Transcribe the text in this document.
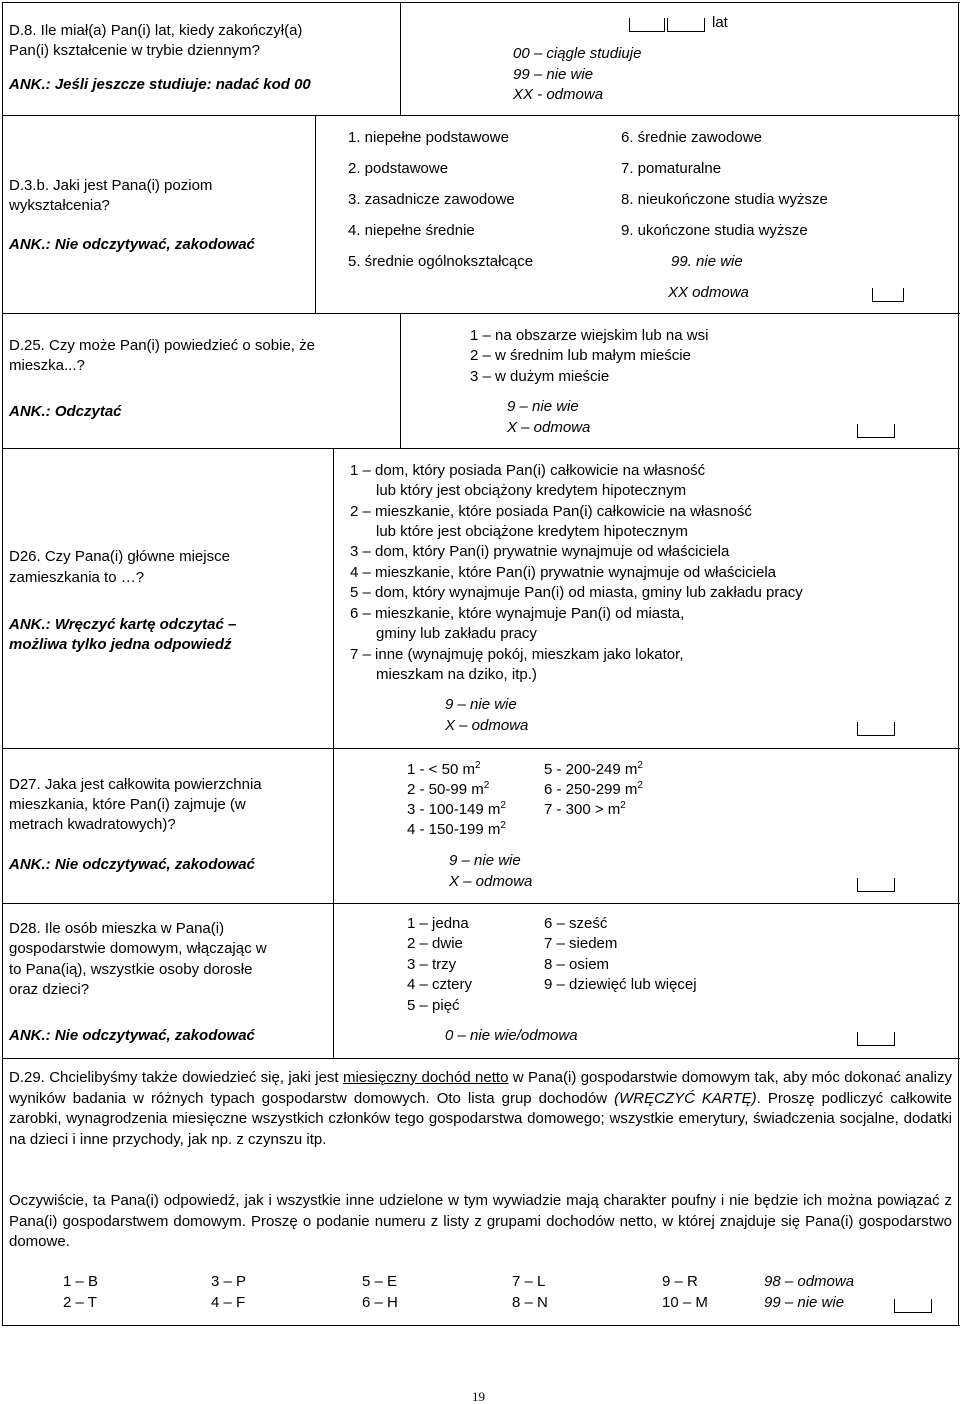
D.8. Ile miał(a) Pan(i) lat, kiedy zakończył(a)
Pan(i) kształcenie w trybie dziennym?
ANK.: Jeśli jeszcze studiuje: nadać kod 00
lat
00 – ciągle studiuje
99 – nie wie
XX - odmowa
D.3.b. Jaki jest Pana(i) poziom
wykształcenia?
ANK.: Nie odczytywać, zakodować
1. niepełne podstawowe
2. podstawowe
3. zasadnicze zawodowe
4. niepełne średnie
5. średnie ogólnokształcące
6. średnie zawodowe
7. pomaturalne
8. nieukończone studia wyższe
9. ukończone studia wyższe
99. nie wie
XX odmowa
D.25. Czy może Pan(i) powiedzieć o sobie, że
mieszka...?
ANK.: Odczytać
1 – na obszarze wiejskim lub na wsi
2 – w średnim lub małym mieście
3 – w dużym mieście
9 – nie wie
X – odmowa
D26. Czy Pana(i) główne miejsce
zamieszkania to …?
ANK.: Wręczyć kartę odczytać –
możliwa tylko jedna odpowiedź
1 – dom, który posiada Pan(i) całkowicie na własność
lub który jest obciążony kredytem hipotecznym
2 – mieszkanie, które posiada Pan(i) całkowicie na własność
lub które jest obciążone kredytem hipotecznym
3 – dom, który Pan(i) prywatnie wynajmuje od właściciela
4 – mieszkanie, które Pan(i) prywatnie wynajmuje od właściciela
5 – dom, który wynajmuje Pan(i) od miasta, gminy lub zakładu pracy
6 – mieszkanie, które wynajmuje Pan(i) od miasta,
gminy lub zakładu pracy
7 – inne (wynajmuję pokój, mieszkam jako lokator,
mieszkam na dziko, itp.)
9 – nie wie
X – odmowa
D27. Jaka jest całkowita powierzchnia
mieszkania, które Pan(i) zajmuje (w
metrach kwadratowych)?
ANK.: Nie odczytywać, zakodować
1 - < 50 $m^2$
2 - 50-99 $m^2$
3 - 100-149 $m^2$
4 - 150-199 $m^2$
5 - 200-249 $m^2$
6 - 250-299 $m^2$
$7 - 300 > m^2$
9 – nie wie
X – odmowa
D28. Ile osób mieszka w Pana(i)
gospodarstwie domowym, włączając w
to Pana(ią), wszystkie osoby dorosłe
oraz dzieci?
ANK.: Nie odczytywać, zakodować
1 – jedna
2 – dwie
3 – trzy
4 – cztery
5 – pięć
6 – sześć
7 – siedem
8 – osiem
9 – dziewięć lub więcej
0 – nie wie/odmowa
D.29. Chcielibyśmy także dowiedzieć się, jaki jest miesięczny dochód netto w Pana(i) gospodarstwie domowym tak, aby móc dokonać analizy wyników badania w różnych typach gospodarstw domowych. Oto lista grup dochodów (WRĘCZYĆ KARTĘ). Proszę podliczyć całkowite zarobki, wynagrodzenia miesięczne wszystkich członków tego gospodarstwa domowego; wszystkie emerytury, świadczenia socjalne, dodatki na dzieci i inne przychody, jak np. z czynszu itp.
Oczywiście, ta Pana(i) odpowiedź, jak i wszystkie inne udzielone w tym wywiadzie mają charakter poufny i nie będzie ich można powiązać z Pana(i) gospodarstwem domowym. Proszę o podanie numeru z listy z grupami dochodów netto, w której znajduje się Pana(i) gospodarstwo domowe.
1 – B	3 – P	5 – E	7 – L	9 – R	98 – odmowa
2 – T	4 – F	6 – H	8 – N	10 – M	99 – nie wie
19
